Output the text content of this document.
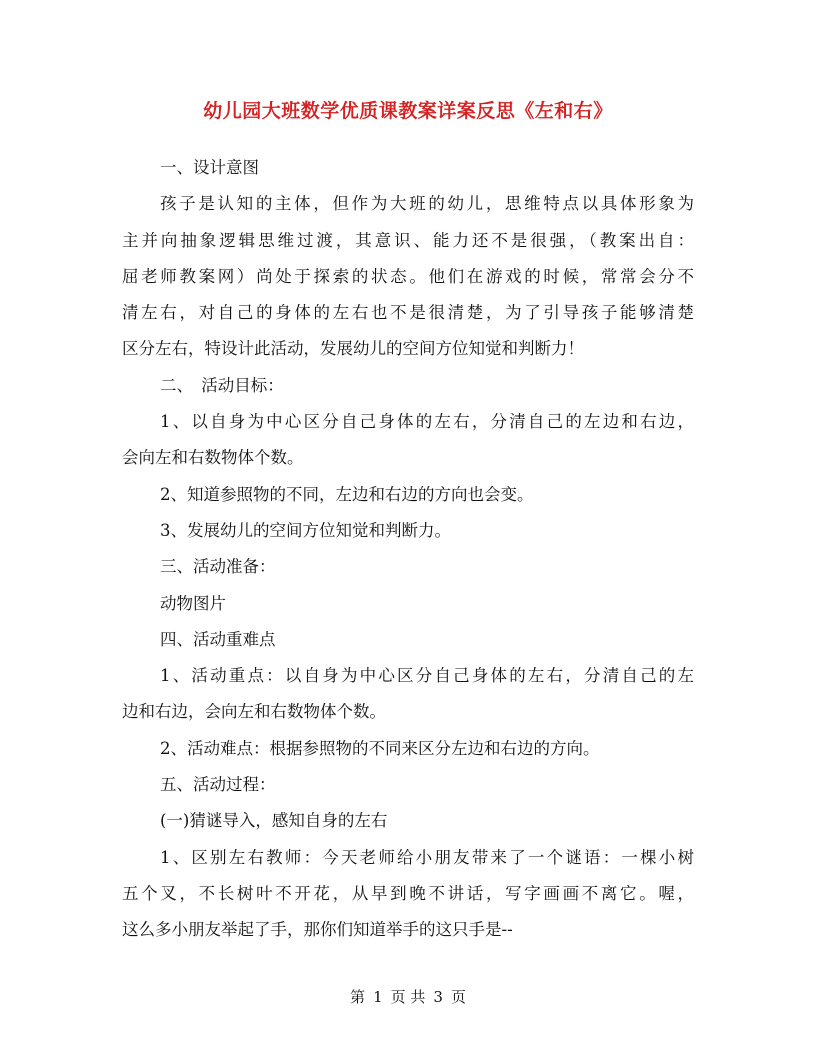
幼儿园大班数学优质课教案详案反思《左和右》
一、设计意图
孩子是认知的主体，但作为大班的幼儿，思维特点以具体形象为
主并向抽象逻辑思维过渡，其意识、能力还不是很强，（教案出自：
屈老师教案网）尚处于探索的状态。他们在游戏的时候，常常会分不
清左右，对自己的身体的左右也不是很清楚，为了引导孩子能够清楚
区分左右，特设计此活动，发展幼儿的空间方位知觉和判断力！
二、　活动目标：
1、以自身为中心区分自己身体的左右，分清自己的左边和右边，
会向左和右数物体个数。
2、知道参照物的不同，左边和右边的方向也会变。
3、发展幼儿的空间方位知觉和判断力。
三、活动准备：
动物图片
四、活动重难点
1、活动重点：以自身为中心区分自己身体的左右，分清自己的左
边和右边，会向左和右数物体个数。
2、活动难点：根据参照物的不同来区分左边和右边的方向。
五、活动过程：
(一)猜谜导入，感知自身的左右
1、区别左右教师：今天老师给小朋友带来了一个谜语：一棵小树
五个叉，不长树叶不开花，从早到晚不讲话，写字画画不离它。喔，
这么多小朋友举起了手，那你们知道举手的这只手是--
第 1 页 共 3 页
